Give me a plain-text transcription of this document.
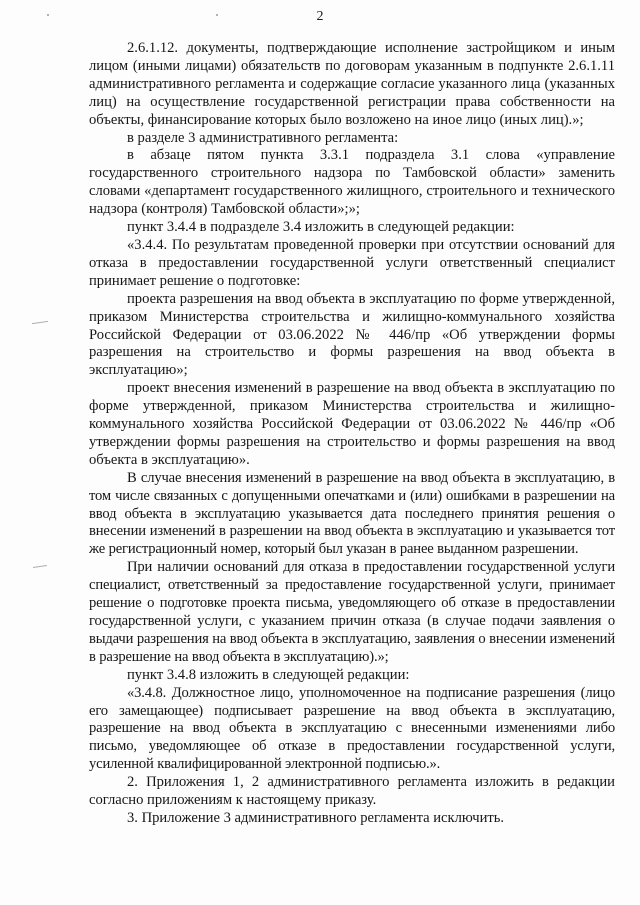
2

2.6.1.12. документы, подтверждающие исполнение застройщиком и иным лицом (иными лицами) обязательств по договорам указанным в подпункте 2.6.1.11 административного регламента и содержащие согласие указанного лица (указанных лиц) на осуществление государственной регистрации права собственности на объекты, финансирование которых было возложено на иное лицо (иных лиц).»;

в разделе 3 административного регламента:

в абзаце пятом пункта 3.3.1 подраздела 3.1 слова «управление государственного строительного надзора по Тамбовской области» заменить словами «департамент государственного жилищного, строительного и технического надзора (контроля) Тамбовской области»;»;

пункт 3.4.4 в подразделе 3.4 изложить в следующей редакции:

«3.4.4. По результатам проведенной проверки при отсутствии оснований для отказа в предоставлении государственной услуги ответственный специалист принимает решение о подготовке:

проекта разрешения на ввод объекта в эксплуатацию по форме утвержденной, приказом Министерства строительства и жилищно-коммунального хозяйства Российской Федерации от 03.06.2022 № 446/пр «Об утверждении формы разрешения на строительство и формы разрешения на ввод объекта в эксплуатацию»;

проект внесения изменений в разрешение на ввод объекта в эксплуатацию по форме утвержденной, приказом Министерства строительства и жилищно-коммунального хозяйства Российской Федерации от 03.06.2022 № 446/пр «Об утверждении формы разрешения на строительство и формы разрешения на ввод объекта в эксплуатацию».

В случае внесения изменений в разрешение на ввод объекта в эксплуатацию, в том числе связанных с допущенными опечатками и (или) ошибками в разрешении на ввод объекта в эксплуатацию указывается дата последнего принятия решения о внесении изменений в разрешении на ввод объекта в эксплуатацию и указывается тот же регистрационный номер, который был указан в ранее выданном разрешении.

При наличии оснований для отказа в предоставлении государственной услуги специалист, ответственный за предоставление государственной услуги, принимает решение о подготовке проекта письма, уведомляющего об отказе в предоставлении государственной услуги, с указанием причин отказа (в случае подачи заявления о выдачи разрешения на ввод объекта в эксплуатацию, заявления о внесении изменений в разрешение на ввод объекта в эксплуатацию).»;

пункт 3.4.8 изложить в следующей редакции:

«3.4.8. Должностное лицо, уполномоченное на подписание разрешения (лицо его замещающее) подписывает разрешение на ввод объекта в эксплуатацию, разрешение на ввод объекта в эксплуатацию с внесенными изменениями либо письмо, уведомляющее об отказе в предоставлении государственной услуги, усиленной квалифицированной электронной подписью.».

2. Приложения 1, 2 административного регламента изложить в редакции согласно приложениям к настоящему приказу.

3. Приложение 3 административного регламента исключить.
